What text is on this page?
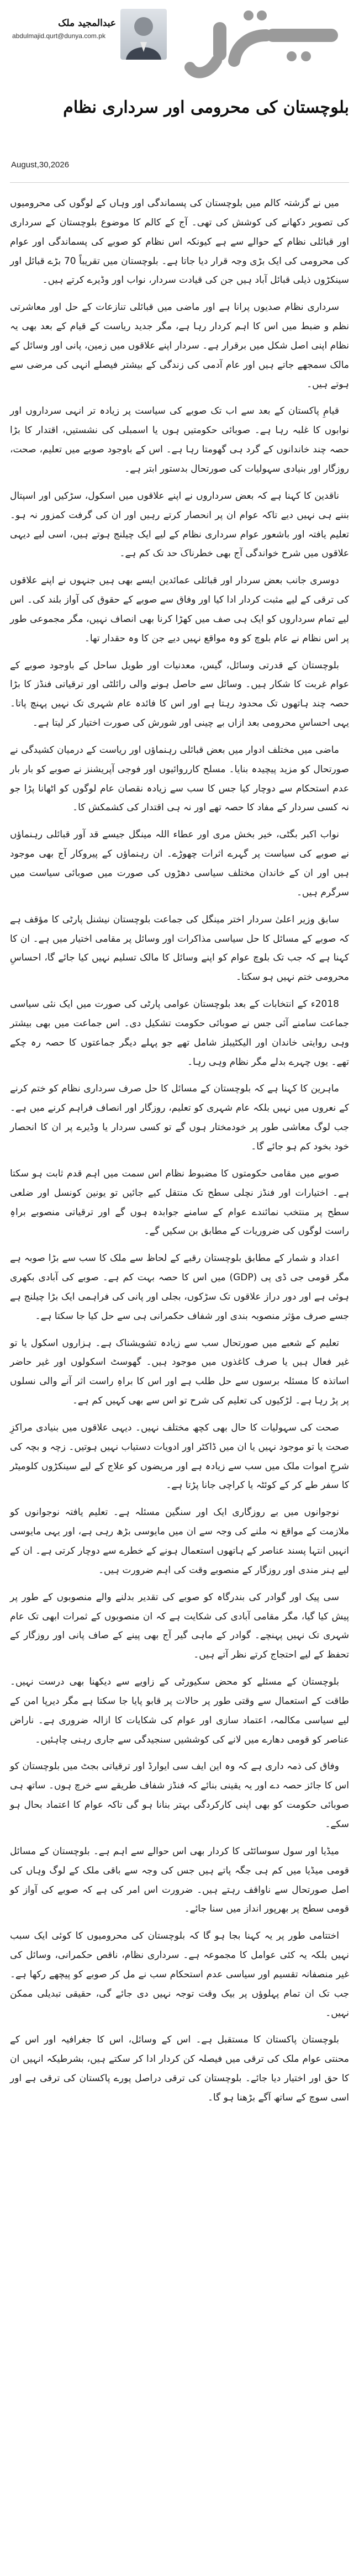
عبدالمجید ملک
abdulmajid.qurt@dunya.com.pk
بلوچستان کی محرومی اور سرداری نظام
August,30,2026

میں نے گزشتہ کالم میں بلوچستان کی پسماندگی اور وہاں کے لوگوں کی محرومیوں کی تصویر دکھانے کی کوشش کی تھی۔ آج کے کالم کا موضوع بلوچستان کے سرداری اور قبائلی نظام کے حوالے سے ہے کیونکہ اس نظام کو صوبے کی پسماندگی اور عوام کی محرومی کی ایک بڑی وجہ قرار دیا جاتا ہے۔ بلوچستان میں تقریباً 70 بڑے قبائل اور سینکڑوں ذیلی قبائل آباد ہیں جن کی قیادت سردار، نواب اور وڈیرے کرتے ہیں۔

سرداری نظام صدیوں پرانا ہے اور ماضی میں قبائلی تنازعات کے حل اور معاشرتی نظم و ضبط میں اس کا اہم کردار رہا ہے، مگر جدید ریاست کے قیام کے بعد بھی یہ نظام اپنی اصل شکل میں برقرار ہے۔ سردار اپنے علاقوں میں زمین، پانی اور وسائل کے مالک سمجھے جاتے ہیں اور عام آدمی کی زندگی کے بیشتر فیصلے انہی کی مرضی سے ہوتے ہیں۔

قیامِ پاکستان کے بعد سے اب تک صوبے کی سیاست پر زیادہ تر انہی سرداروں اور نوابوں کا غلبہ رہا ہے۔ صوبائی حکومتیں ہوں یا اسمبلی کی نشستیں، اقتدار کا بڑا حصہ چند خاندانوں کے گرد ہی گھومتا رہا ہے۔ اس کے باوجود صوبے میں تعلیم، صحت، روزگار اور بنیادی سہولیات کی صورتحال بدستور ابتر ہے۔

ناقدین کا کہنا ہے کہ بعض سرداروں نے اپنے علاقوں میں اسکول، سڑکیں اور اسپتال بننے ہی نہیں دیے تاکہ عوام ان پر انحصار کرتے رہیں اور ان کی گرفت کمزور نہ ہو۔ تعلیم یافتہ اور باشعور عوام سرداری نظام کے لیے ایک چیلنج ہوتے ہیں، اسی لیے دیہی علاقوں میں شرح خواندگی آج بھی خطرناک حد تک کم ہے۔

دوسری جانب بعض سردار اور قبائلی عمائدین ایسے بھی ہیں جنہوں نے اپنے علاقوں کی ترقی کے لیے مثبت کردار ادا کیا اور وفاق سے صوبے کے حقوق کی آواز بلند کی۔ اس لیے تمام سرداروں کو ایک ہی صف میں کھڑا کرنا بھی انصاف نہیں، مگر مجموعی طور پر اس نظام نے عام بلوچ کو وہ مواقع نہیں دیے جن کا وہ حقدار تھا۔

بلوچستان کے قدرتی وسائل، گیس، معدنیات اور طویل ساحل کے باوجود صوبے کے عوام غربت کا شکار ہیں۔ وسائل سے حاصل ہونے والی رائلٹی اور ترقیاتی فنڈز کا بڑا حصہ چند ہاتھوں تک محدود رہتا ہے اور اس کا فائدہ عام شہری تک نہیں پہنچ پاتا۔ یہی احساسِ محرومی بعد ازاں بے چینی اور شورش کی صورت اختیار کر لیتا ہے۔

ماضی میں مختلف ادوار میں بعض قبائلی رہنماؤں اور ریاست کے درمیان کشیدگی نے صورتحال کو مزید پیچیدہ بنایا۔ مسلح کارروائیوں اور فوجی آپریشنز نے صوبے کو بار بار عدم استحکام سے دوچار کیا جس کا سب سے زیادہ نقصان عام لوگوں کو اٹھانا پڑا جو نہ کسی سردار کے مفاد کا حصہ تھے اور نہ ہی اقتدار کی کشمکش کا۔

نواب اکبر بگٹی، خیر بخش مری اور عطاء اللہ مینگل جیسے قد آور قبائلی رہنماؤں نے صوبے کی سیاست پر گہرے اثرات چھوڑے۔ ان رہنماؤں کے پیروکار آج بھی موجود ہیں اور ان کے خاندان مختلف سیاسی دھڑوں کی صورت میں صوبائی سیاست میں سرگرم ہیں۔

سابق وزیر اعلیٰ سردار اختر مینگل کی جماعت بلوچستان نیشنل پارٹی کا مؤقف ہے کہ صوبے کے مسائل کا حل سیاسی مذاکرات اور وسائل پر مقامی اختیار میں ہے۔ ان کا کہنا ہے کہ جب تک بلوچ عوام کو اپنے وسائل کا مالک تسلیم نہیں کیا جائے گا، احساسِ محرومی ختم نہیں ہو سکتا۔

2018ء کے انتخابات کے بعد بلوچستان عوامی پارٹی کی صورت میں ایک نئی سیاسی جماعت سامنے آئی جس نے صوبائی حکومت تشکیل دی۔ اس جماعت میں بھی بیشتر وہی روایتی خاندان اور الیکٹیبلز شامل تھے جو پہلے دیگر جماعتوں کا حصہ رہ چکے تھے۔ یوں چہرے بدلے مگر نظام وہی رہا۔

ماہرین کا کہنا ہے کہ بلوچستان کے مسائل کا حل صرف سرداری نظام کو ختم کرنے کے نعروں میں نہیں بلکہ عام شہری کو تعلیم، روزگار اور انصاف فراہم کرنے میں ہے۔ جب لوگ معاشی طور پر خودمختار ہوں گے تو کسی سردار یا وڈیرے پر ان کا انحصار خود بخود کم ہو جائے گا۔

صوبے میں مقامی حکومتوں کا مضبوط نظام اس سمت میں اہم قدم ثابت ہو سکتا ہے۔ اختیارات اور فنڈز نچلی سطح تک منتقل کیے جائیں تو یونین کونسل اور ضلعی سطح پر منتخب نمائندے عوام کے سامنے جوابدہ ہوں گے اور ترقیاتی منصوبے براہِ راست لوگوں کی ضروریات کے مطابق بن سکیں گے۔

اعداد و شمار کے مطابق بلوچستان رقبے کے لحاظ سے ملک کا سب سے بڑا صوبہ ہے مگر قومی جی ڈی پی (GDP) میں اس کا حصہ بہت کم ہے۔ صوبے کی آبادی بکھری ہوئی ہے اور دور دراز علاقوں تک سڑکوں، بجلی اور پانی کی فراہمی ایک بڑا چیلنج ہے جسے صرف مؤثر منصوبہ بندی اور شفاف حکمرانی ہی سے حل کیا جا سکتا ہے۔

تعلیم کے شعبے میں صورتحال سب سے زیادہ تشویشناک ہے۔ ہزاروں اسکول یا تو غیر فعال ہیں یا صرف کاغذوں میں موجود ہیں۔ گھوسٹ اسکولوں اور غیر حاضر اساتذہ کا مسئلہ برسوں سے حل طلب ہے اور اس کا براہِ راست اثر آنے والی نسلوں پر پڑ رہا ہے۔ لڑکیوں کی تعلیم کی شرح تو اس سے بھی کہیں کم ہے۔

صحت کی سہولیات کا حال بھی کچھ مختلف نہیں۔ دیہی علاقوں میں بنیادی مراکزِ صحت یا تو موجود نہیں یا ان میں ڈاکٹر اور ادویات دستیاب نہیں ہوتیں۔ زچہ و بچہ کی شرحِ اموات ملک میں سب سے زیادہ ہے اور مریضوں کو علاج کے لیے سینکڑوں کلومیٹر کا سفر طے کر کے کوئٹہ یا کراچی جانا پڑتا ہے۔

نوجوانوں میں بے روزگاری ایک اور سنگین مسئلہ ہے۔ تعلیم یافتہ نوجوانوں کو ملازمت کے مواقع نہ ملنے کی وجہ سے ان میں مایوسی بڑھ رہی ہے، اور یہی مایوسی انہیں انتہا پسند عناصر کے ہاتھوں استعمال ہونے کے خطرے سے دوچار کرتی ہے۔ ان کے لیے ہنر مندی اور روزگار کے منصوبے وقت کی اہم ضرورت ہیں۔

سی پیک اور گوادر کی بندرگاہ کو صوبے کی تقدیر بدلنے والے منصوبوں کے طور پر پیش کیا گیا، مگر مقامی آبادی کی شکایت ہے کہ ان منصوبوں کے ثمرات ابھی تک عام شہری تک نہیں پہنچے۔ گوادر کے ماہی گیر آج بھی پینے کے صاف پانی اور روزگار کے تحفظ کے لیے احتجاج کرتے نظر آتے ہیں۔

بلوچستان کے مسئلے کو محض سکیورٹی کے زاویے سے دیکھنا بھی درست نہیں۔ طاقت کے استعمال سے وقتی طور پر حالات پر قابو پایا جا سکتا ہے مگر دیرپا امن کے لیے سیاسی مکالمہ، اعتماد سازی اور عوام کی شکایات کا ازالہ ضروری ہے۔ ناراض عناصر کو قومی دھارے میں لانے کی کوششیں سنجیدگی سے جاری رہنی چاہئیں۔

وفاق کی ذمہ داری ہے کہ وہ این ایف سی ایوارڈ اور ترقیاتی بجٹ میں بلوچستان کو اس کا جائز حصہ دے اور یہ یقینی بنائے کہ فنڈز شفاف طریقے سے خرچ ہوں۔ ساتھ ہی صوبائی حکومت کو بھی اپنی کارکردگی بہتر بنانا ہو گی تاکہ عوام کا اعتماد بحال ہو سکے۔

میڈیا اور سول سوسائٹی کا کردار بھی اس حوالے سے اہم ہے۔ بلوچستان کے مسائل قومی میڈیا میں کم ہی جگہ پاتے ہیں جس کی وجہ سے باقی ملک کے لوگ وہاں کی اصل صورتحال سے ناواقف رہتے ہیں۔ ضرورت اس امر کی ہے کہ صوبے کی آواز کو قومی سطح پر بھرپور انداز میں سنا جائے۔

اختتامی طور پر یہ کہنا بجا ہو گا کہ بلوچستان کی محرومیوں کا کوئی ایک سبب نہیں بلکہ یہ کئی عوامل کا مجموعہ ہے۔ سرداری نظام، ناقص حکمرانی، وسائل کی غیر منصفانہ تقسیم اور سیاسی عدم استحکام سب نے مل کر صوبے کو پیچھے رکھا ہے۔ جب تک ان تمام پہلوؤں پر بیک وقت توجہ نہیں دی جائے گی، حقیقی تبدیلی ممکن نہیں۔

بلوچستان پاکستان کا مستقبل ہے۔ اس کے وسائل، اس کا جغرافیہ اور اس کے محنتی عوام ملک کی ترقی میں فیصلہ کن کردار ادا کر سکتے ہیں، بشرطیکہ انہیں ان کا حق اور اختیار دیا جائے۔ بلوچستان کی ترقی دراصل پورے پاکستان کی ترقی ہے اور اسی سوچ کے ساتھ آگے بڑھنا ہو گا۔
